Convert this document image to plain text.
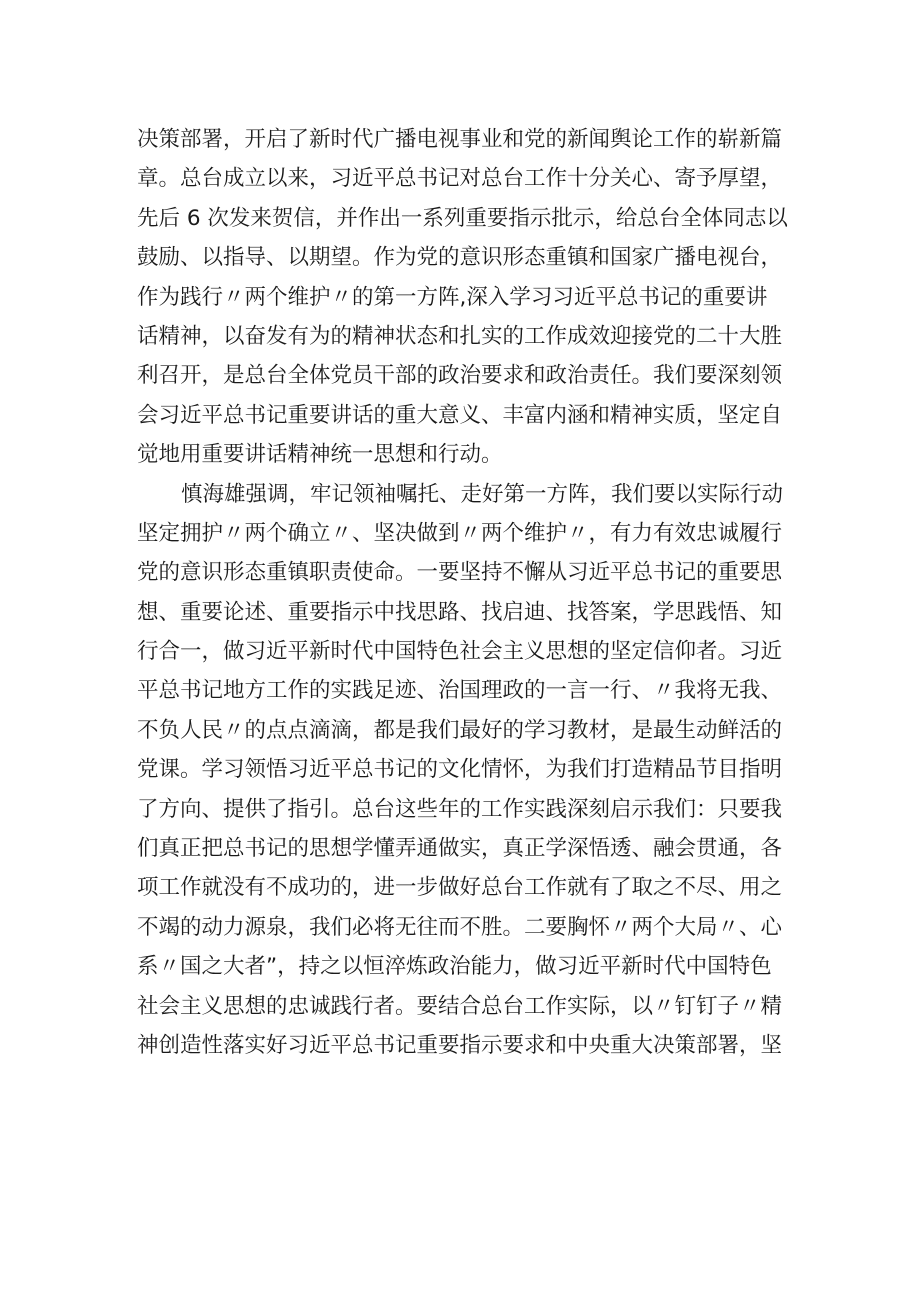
决策部署，开启了新时代广播电视事业和党的新闻舆论工作的崭新篇
章。总台成立以来，习近平总书记对总台工作十分关心、寄予厚望，
先后 6 次发来贺信，并作出一系列重要指示批示，给总台全体同志以
鼓励、以指导、以期望。作为党的意识形态重镇和国家广播电视台，
作为践行〃两个维护〃的第一方阵,深入学习习近平总书记的重要讲
话精神，以奋发有为的精神状态和扎实的工作成效迎接党的二十大胜
利召开，是总台全体党员干部的政治要求和政治责任。我们要深刻领
会习近平总书记重要讲话的重大意义、丰富内涵和精神实质，坚定自
觉地用重要讲话精神统一思想和行动。
慎海雄强调，牢记领袖嘱托、走好第一方阵，我们要以实际行动
坚定拥护〃两个确立〃、坚决做到〃两个维护〃，有力有效忠诚履行
党的意识形态重镇职责使命。一要坚持不懈从习近平总书记的重要思
想、重要论述、重要指示中找思路、找启迪、找答案，学思践悟、知
行合一，做习近平新时代中国特色社会主义思想的坚定信仰者。习近
平总书记地方工作的实践足迹、治国理政的一言一行、〃我将无我、
不负人民〃的点点滴滴，都是我们最好的学习教材，是最生动鲜活的
党课。学习领悟习近平总书记的文化情怀，为我们打造精品节目指明
了方向、提供了指引。总台这些年的工作实践深刻启示我们：只要我
们真正把总书记的思想学懂弄通做实，真正学深悟透、融会贯通，各
项工作就没有不成功的，进一步做好总台工作就有了取之不尽、用之
不竭的动力源泉，我们必将无往而不胜。二要胸怀〃两个大局〃、心
系〃国之大者”，持之以恒淬炼政治能力，做习近平新时代中国特色
社会主义思想的忠诚践行者。要结合总台工作实际，以〃钉钉子〃精
神创造性落实好习近平总书记重要指示要求和中央重大决策部署，坚
